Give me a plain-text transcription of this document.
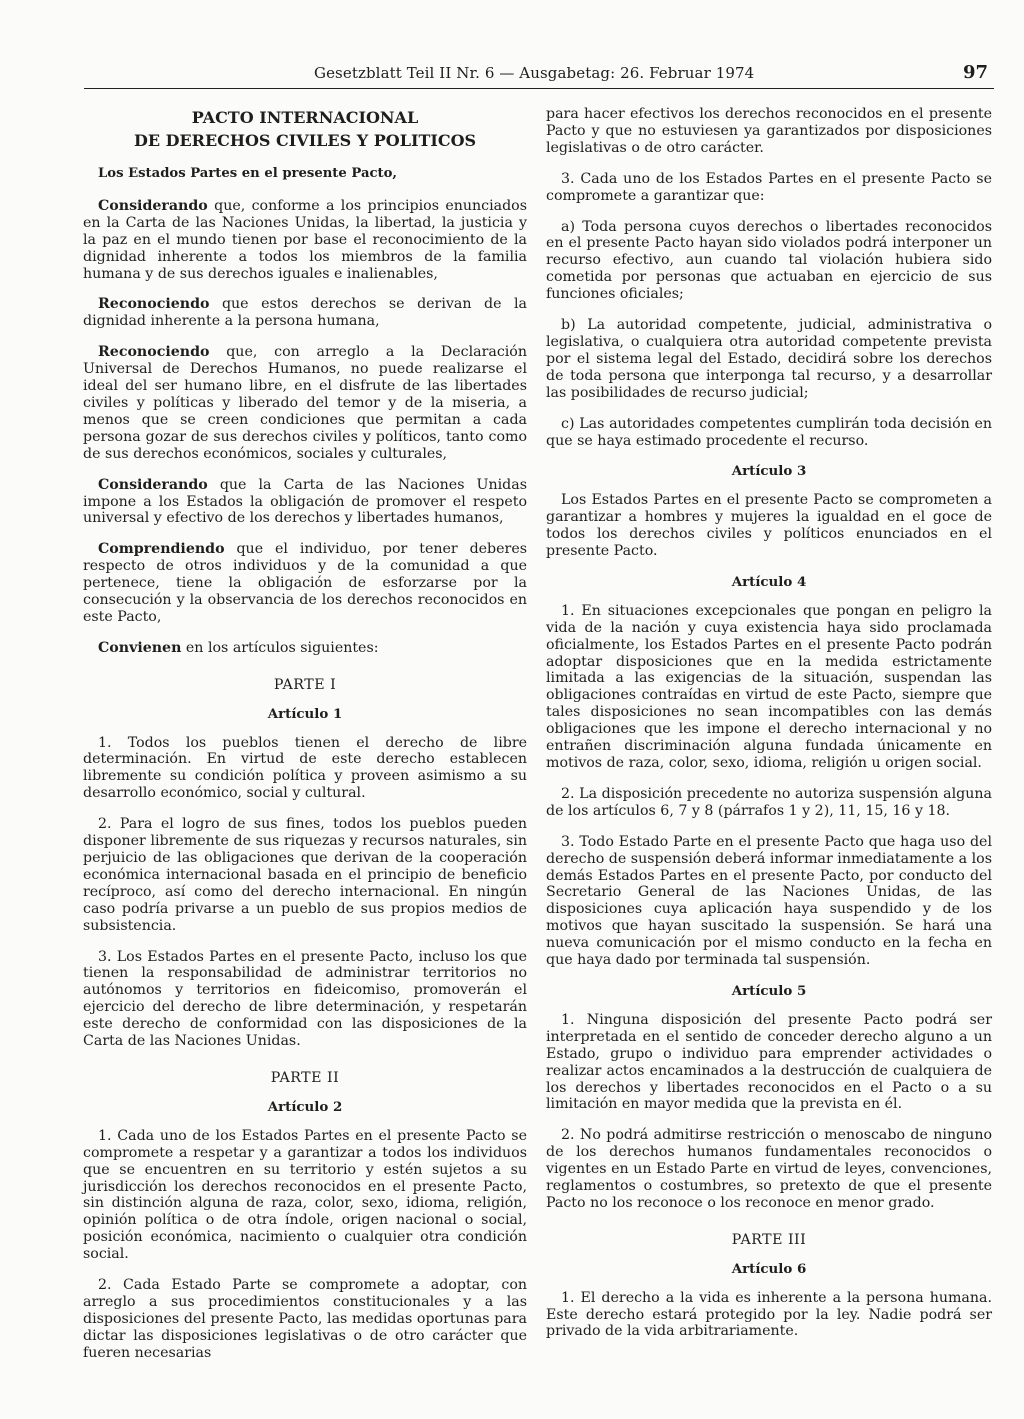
Gesetzblatt Teil II Nr. 6 — Ausgabetag: 26. Februar 1974	97
PACTO INTERNACIONAL
DE DERECHOS CIVILES Y POLITICOS

Los Estados Partes en el presente Pacto,

Considerando que, conforme a los principios enunciados en la Carta de las Naciones Unidas, la libertad, la justicia y la paz en el mundo tienen por base el reconocimiento de la dignidad inherente a todos los miembros de la familia humana y de sus derechos iguales e inalienables,

Reconociendo que estos derechos se derivan de la dignidad inherente a la persona humana,

Reconociendo que, con arreglo a la Declaración Universal de Derechos Humanos, no puede realizarse el ideal del ser humano libre, en el disfrute de las libertades civiles y políticas y liberado del temor y de la miseria, a menos que se creen condiciones que permitan a cada persona gozar de sus derechos civiles y políticos, tanto como de sus derechos económicos, sociales y culturales,

Considerando que la Carta de las Naciones Unidas impone a los Estados la obligación de promover el respeto universal y efectivo de los derechos y libertades humanos,

Comprendiendo que el individuo, por tener deberes respecto de otros individuos y de la comunidad a que pertenece, tiene la obligación de esforzarse por la consecución y la observancia de los derechos reconocidos en este Pacto,

Convienen en los artículos siguientes:

PARTE I
Artículo 1

1. Todos los pueblos tienen el derecho de libre determinación. En virtud de este derecho establecen libremente su condición política y proveen asimismo a su desarrollo económico, social y cultural.

2. Para el logro de sus fines, todos los pueblos pueden disponer libremente de sus riquezas y recursos naturales, sin perjuicio de las obligaciones que derivan de la cooperación económica internacional basada en el principio de beneficio recíproco, así como del derecho internacional. En ningún caso podría privarse a un pueblo de sus propios medios de subsistencia.

3. Los Estados Partes en el presente Pacto, incluso los que tienen la responsabilidad de administrar territorios no autónomos y territorios en fideicomiso, promoverán el ejercicio del derecho de libre determinación, y respetarán este derecho de conformidad con las disposiciones de la Carta de las Naciones Unidas.

PARTE II
Artículo 2

1. Cada uno de los Estados Partes en el presente Pacto se compromete a respetar y a garantizar a todos los individuos que se encuentren en su territorio y estén sujetos a su jurisdicción los derechos reconocidos en el presente Pacto, sin distinción alguna de raza, color, sexo, idioma, religión, opinión política o de otra índole, origen nacional o social, posición económica, nacimiento o cualquier otra condición social.

2. Cada Estado Parte se compromete a adoptar, con arreglo a sus procedimientos constitucionales y a las disposiciones del presente Pacto, las medidas oportunas para dictar las disposiciones legislativas o de otro carácter que fueren necesarias

para hacer efectivos los derechos reconocidos en el presente Pacto y que no estuviesen ya garantizados por disposiciones legislativas o de otro carácter.

3. Cada uno de los Estados Partes en el presente Pacto se compromete a garantizar que:

a) Toda persona cuyos derechos o libertades reconocidos en el presente Pacto hayan sido violados podrá interponer un recurso efectivo, aun cuando tal violación hubiera sido cometida por personas que actuaban en ejercicio de sus funciones oficiales;

b) La autoridad competente, judicial, administrativa o legislativa, o cualquiera otra autoridad competente prevista por el sistema legal del Estado, decidirá sobre los derechos de toda persona que interponga tal recurso, y a desarrollar las posibilidades de recurso judicial;

c) Las autoridades competentes cumplirán toda decisión en que se haya estimado procedente el recurso.

Artículo 3

Los Estados Partes en el presente Pacto se comprometen a garantizar a hombres y mujeres la igualdad en el goce de todos los derechos civiles y políticos enunciados en el presente Pacto.

Artículo 4

1. En situaciones excepcionales que pongan en peligro la vida de la nación y cuya existencia haya sido proclamada oficialmente, los Estados Partes en el presente Pacto podrán adoptar disposiciones que en la medida estrictamente limitada a las exigencias de la situación, suspendan las obligaciones contraídas en virtud de este Pacto, siempre que tales disposiciones no sean incompatibles con las demás obligaciones que les impone el derecho internacional y no entrañen discriminación alguna fundada únicamente en motivos de raza, color, sexo, idioma, religión u origen social.

2. La disposición precedente no autoriza suspensión alguna de los artículos 6, 7 y 8 (párrafos 1 y 2), 11, 15, 16 y 18.

3. Todo Estado Parte en el presente Pacto que haga uso del derecho de suspensión deberá informar inmediatamente a los demás Estados Partes en el presente Pacto, por conducto del Secretario General de las Naciones Unidas, de las disposiciones cuya aplicación haya suspendido y de los motivos que hayan suscitado la suspensión. Se hará una nueva comunicación por el mismo conducto en la fecha en que haya dado por terminada tal suspensión.

Artículo 5

1. Ninguna disposición del presente Pacto podrá ser interpretada en el sentido de conceder derecho alguno a un Estado, grupo o individuo para emprender actividades o realizar actos encaminados a la destrucción de cualquiera de los derechos y libertades reconocidos en el Pacto o a su limitación en mayor medida que la prevista en él.

2. No podrá admitirse restricción o menoscabo de ninguno de los derechos humanos fundamentales reconocidos o vigentes en un Estado Parte en virtud de leyes, convenciones, reglamentos o costumbres, so pretexto de que el presente Pacto no los reconoce o los reconoce en menor grado.

PARTE III
Artículo 6

1. El derecho a la vida es inherente a la persona humana. Este derecho estará protegido por la ley. Nadie podrá ser privado de la vida arbitrariamente.
